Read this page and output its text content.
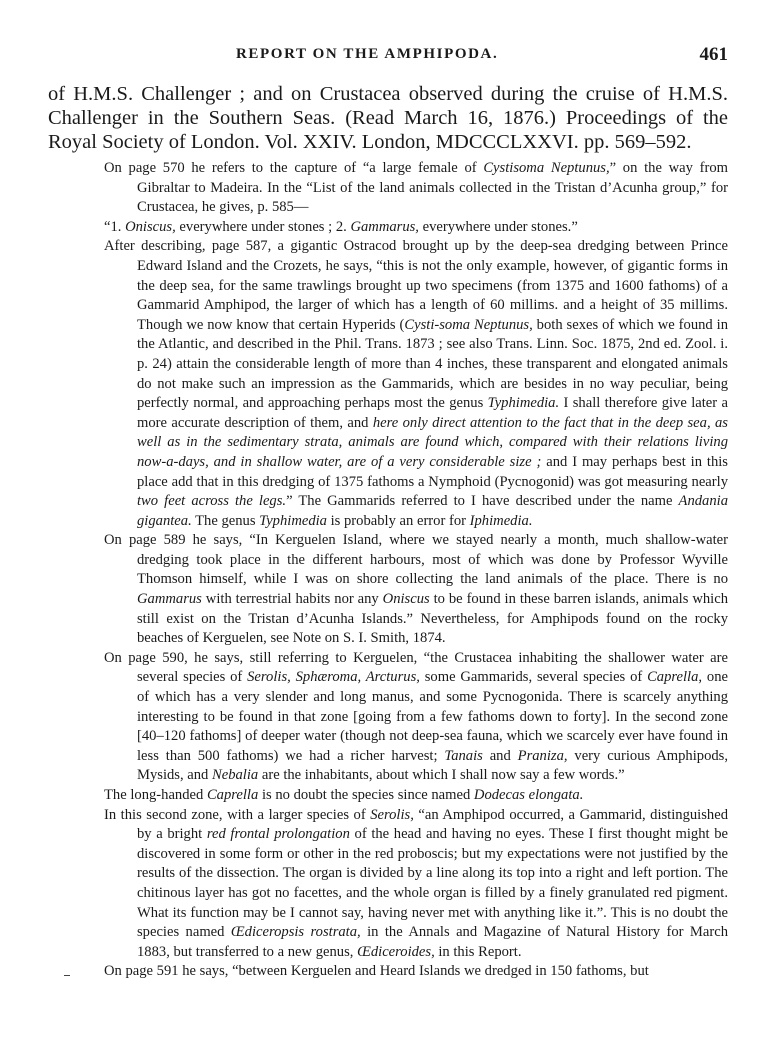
REPORT ON THE AMPHIPODA.	461

of H.M.S. Challenger ; and on Crustacea observed during the cruise of H.M.S. Challenger in the Southern Seas. (Read March 16, 1876.) Proceedings of the Royal Society of London. Vol. XXIV. London, MDCCCLXXVI. pp. 569–592.

On page 570 he refers to the capture of “a large female of Cystisoma Neptunus,” on the way from Gibraltar to Madeira. In the “List of the land animals collected in the Tristan d’Acunha group,” for Crustacea, he gives, p. 585—

“1. Oniscus, everywhere under stones ; 2. Gammarus, everywhere under stones.”

After describing, page 587, a gigantic Ostracod brought up by the deep-sea dredging between Prince Edward Island and the Crozets, he says, “this is not the only example, however, of gigantic forms in the deep sea, for the same trawlings brought up two specimens (from 1375 and 1600 fathoms) of a Gammarid Amphipod, the larger of which has a length of 60 millims. and a height of 35 millims. Though we now know that certain Hyperids (Cysti-soma Neptunus, both sexes of which we found in the Atlantic, and described in the Phil. Trans. 1873 ; see also Trans. Linn. Soc. 1875, 2nd ed. Zool. i. p. 24) attain the considerable length of more than 4 inches, these transparent and elongated animals do not make such an impression as the Gammarids, which are besides in no way peculiar, being perfectly normal, and approaching perhaps most the genus Typhimedia. I shall therefore give later a more accurate description of them, and here only direct attention to the fact that in the deep sea, as well as in the sedimentary strata, animals are found which, compared with their relations living now-a-days, and in shallow water, are of a very considerable size ; and I may perhaps best in this place add that in this dredging of 1375 fathoms a Nymphoid (Pycnogonid) was got measuring nearly two feet across the legs.” The Gammarids referred to I have described under the name Andania gigantea. The genus Typhimedia is probably an error for Iphimedia.

On page 589 he says, “In Kerguelen Island, where we stayed nearly a month, much shallow-water dredging took place in the different harbours, most of which was done by Professor Wyville Thomson himself, while I was on shore collecting the land animals of the place. There is no Gammarus with terrestrial habits nor any Oniscus to be found in these barren islands, animals which still exist on the Tristan d’Acunha Islands.” Nevertheless, for Amphipods found on the rocky beaches of Kerguelen, see Note on S. I. Smith, 1874.

On page 590, he says, still referring to Kerguelen, “the Crustacea inhabiting the shallower water are several species of Serolis, Sphæroma, Arcturus, some Gammarids, several species of Caprella, one of which has a very slender and long manus, and some Pycnogonida. There is scarcely anything interesting to be found in that zone [going from a few fathoms down to forty]. In the second zone [40–120 fathoms] of deeper water (though not deep-sea fauna, which we scarcely ever have found in less than 500 fathoms) we had a richer harvest; Tanais and Praniza, very curious Amphipods, Mysids, and Nebalia are the inhabitants, about which I shall now say a few words.”

The long-handed Caprella is no doubt the species since named Dodecas elongata.

In this second zone, with a larger species of Serolis, “an Amphipod occurred, a Gammarid, distinguished by a bright red frontal prolongation of the head and having no eyes. These I first thought might be discovered in some form or other in the red proboscis; but my expectations were not justified by the results of the dissection. The organ is divided by a line along its top into a right and left portion. The chitinous layer has got no facettes, and the whole organ is filled by a finely granulated red pigment. What its function may be I cannot say, having never met with anything like it.”. This is no doubt the species named Œdiceropsis rostrata, in the Annals and Magazine of Natural History for March 1883, but transferred to a new genus, Œdiceroides, in this Report.

On page 591 he says, “between Kerguelen and Heard Islands we dredged in 150 fathoms, but
